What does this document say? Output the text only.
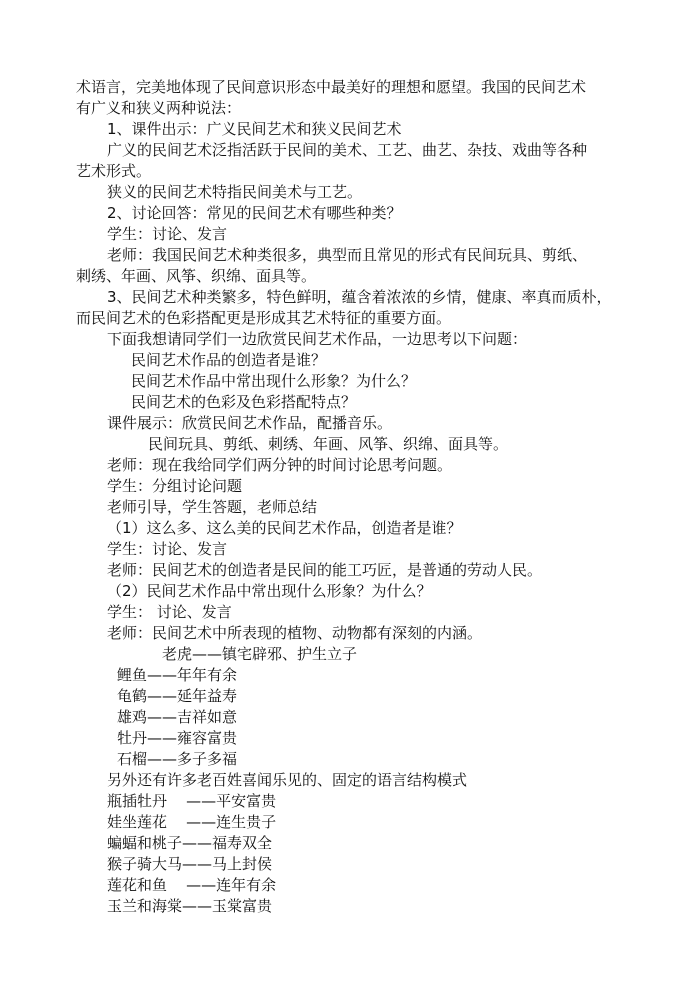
术语言，完美地体现了民间意识形态中最美好的理想和愿望。我国的民间艺术

有广义和狭义两种说法：

1、课件出示：广义民间艺术和狭义民间艺术

广义的民间艺术泛指活跃于民间的美术、工艺、曲艺、杂技、戏曲等各种

艺术形式。

狭义的民间艺术特指民间美术与工艺。

2、讨论回答：常见的民间艺术有哪些种类？

学生：讨论、发言

老师：我国民间艺术种类很多，典型而且常见的形式有民间玩具、剪纸、

刺绣、年画、风筝、织绵、面具等。

3、民间艺术种类繁多，特色鲜明，蕴含着浓浓的乡情，健康、率真而质朴，

而民间艺术的色彩搭配更是形成其艺术特征的重要方面。

下面我想请同学们一边欣赏民间艺术作品，一边思考以下问题：

民间艺术作品的创造者是谁？

民间艺术作品中常出现什么形象？为什么？

民间艺术的色彩及色彩搭配特点？

课件展示：欣赏民间艺术作品，配播音乐。

民间玩具、剪纸、刺绣、年画、风筝、织绵、面具等。

老师：现在我给同学们两分钟的时间讨论思考问题。

学生：分组讨论问题

老师引导，学生答题，老师总结

（1）这么多、这么美的民间艺术作品，创造者是谁？

学生：讨论、发言

老师：民间艺术的创造者是民间的能工巧匠，是普通的劳动人民。

（2）民间艺术作品中常出现什么形象？为什么？

学生： 讨论、发言

老师：民间艺术中所表现的植物、动物都有深刻的内涵。

老虎——镇宅辟邪、护生立子

鲤鱼——年年有余

龟鹤——延年益寿

雄鸡——吉祥如意

牡丹——雍容富贵

石榴——多子多福

另外还有许多老百姓喜闻乐见的、固定的语言结构模式

瓶插牡丹    ——平安富贵

娃坐莲花    ——连生贵子

蝙蝠和桃子——福寿双全

猴子骑大马——马上封侯

莲花和鱼    ——连年有余

玉兰和海棠——玉棠富贵
